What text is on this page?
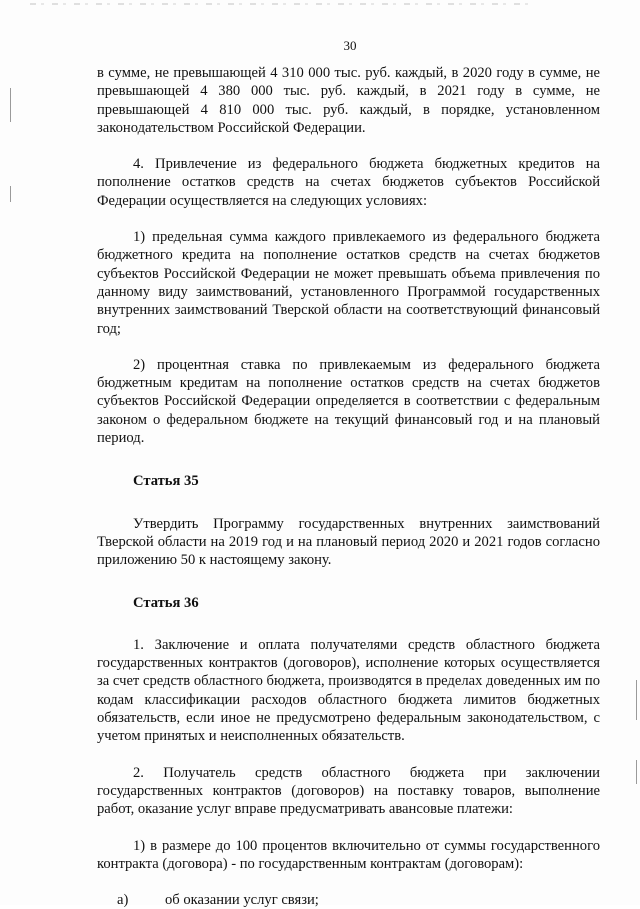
30

в сумме, не превышающей 4 310 000 тыс. руб. каждый, в 2020 году в сумме, не превышающей 4 380 000 тыс. руб. каждый, в 2021 году в сумме, не превышающей 4 810 000 тыс. руб. каждый, в порядке, установленном законодательством Российской Федерации.

4. Привлечение из федерального бюджета бюджетных кредитов на пополнение остатков средств на счетах бюджетов субъектов Российской Федерации осуществляется на следующих условиях:

1) предельная сумма каждого привлекаемого из федерального бюджета бюджетного кредита на пополнение остатков средств на счетах бюджетов субъектов Российской Федерации не может превышать объема привлечения по данному виду заимствований, установленного Программой государственных внутренних заимствований Тверской области на соответствующий финансовый год;

2) процентная ставка по привлекаемым из федерального бюджета бюджетным кредитам на пополнение остатков средств на счетах бюджетов субъектов Российской Федерации определяется в соответствии с федеральным законом о федеральном бюджете на текущий финансовый год и на плановый период.

Статья 35

Утвердить Программу государственных внутренних заимствований Тверской области на 2019 год и на плановый период 2020 и 2021 годов согласно приложению 50 к настоящему закону.

Статья 36

1. Заключение и оплата получателями средств областного бюджета государственных контрактов (договоров), исполнение которых осуществляется за счет средств областного бюджета, производятся в пределах доведенных им по кодам классификации расходов областного бюджета лимитов бюджетных обязательств, если иное не предусмотрено федеральным законодательством, с учетом принятых и неисполненных обязательств.

2. Получатель средств областного бюджета при заключении государственных контрактов (договоров) на поставку товаров, выполнение работ, оказание услуг вправе предусматривать авансовые платежи:

1) в размере до 100 процентов включительно от суммы государственного контракта (договора) - по государственным контрактам (договорам):

а)	об оказании услуг связи;
